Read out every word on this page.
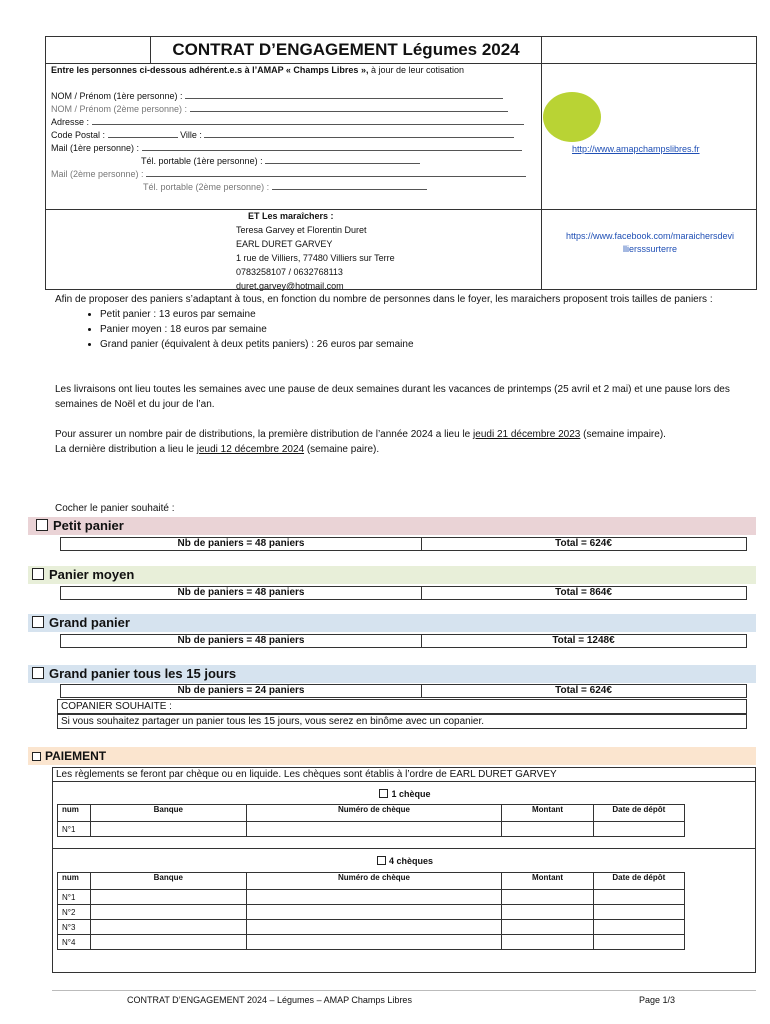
CONTRAT D’ENGAGEMENT Légumes 2024
Entre les personnes ci-dessous adhérent.e.s à l’AMAP « Champs Libres », à jour de leur cotisation
NOM / Prénom (1ère personne) :
NOM / Prénom (2ème personne) :
Adresse :
Code Postal :	Ville :
Mail (1ère personne) :
Tél. portable (1ère personne) :
Mail (2ème personne) :
Tél. portable (2ème personne) :
http://www.amapchampslibres.fr
ET Les maraîchers :
Teresa Garvey et Florentin Duret
EARL DURET GARVEY
1 rue de Villiers, 77480 Villiers sur Terre
0783258107 / 0632768113
duret.garvey@hotmail.com
https://www.facebook.com/maraichersdevi
lliersssurterre
Afin de proposer des paniers s’adaptant à tous, en fonction du nombre de personnes dans le foyer, les maraichers proposent trois tailles de paniers :
• Petit panier : 13 euros par semaine
• Panier moyen : 18 euros par semaine
• Grand panier (équivalent à deux petits paniers) : 26 euros par semaine
Les livraisons ont lieu toutes les semaines avec une pause de deux semaines durant les vacances de printemps (25 avril et 2 mai) et une pause lors des semaines de Noël et du jour de l’an.
Pour assurer un nombre pair de distributions, la première distribution de l’année 2024 a lieu le jeudi 21 décembre 2023 (semaine impaire).
La dernière distribution a lieu le jeudi 12 décembre 2024 (semaine paire).
Cocher le panier souhaité :
Petit panier
Nb de paniers = 48 paniers	Total = 624€
Panier moyen
Nb de paniers = 48 paniers	Total = 864€
Grand panier
Nb de paniers = 48 paniers	Total = 1248€
Grand panier tous les 15 jours
Nb de paniers = 24 paniers	Total = 624€
COPANIER SOUHAITE :
Si vous souhaitez partager un panier tous les 15 jours, vous serez en binôme avec un copanier.
PAIEMENT
Les règlements se feront par chèque ou en liquide. Les chèques sont établis à l’ordre de EARL DURET GARVEY
1 chèque
num	Banque	Numéro de chèque	Montant	Date de dépôt
N°1				
4 chèques
num	Banque	Numéro de chèque	Montant	Date de dépôt
N°1				
N°2				
N°3				
N°4				
CONTRAT D’ENGAGEMENT 2024 – Légumes – AMAP Champs Libres	Page 1/3
